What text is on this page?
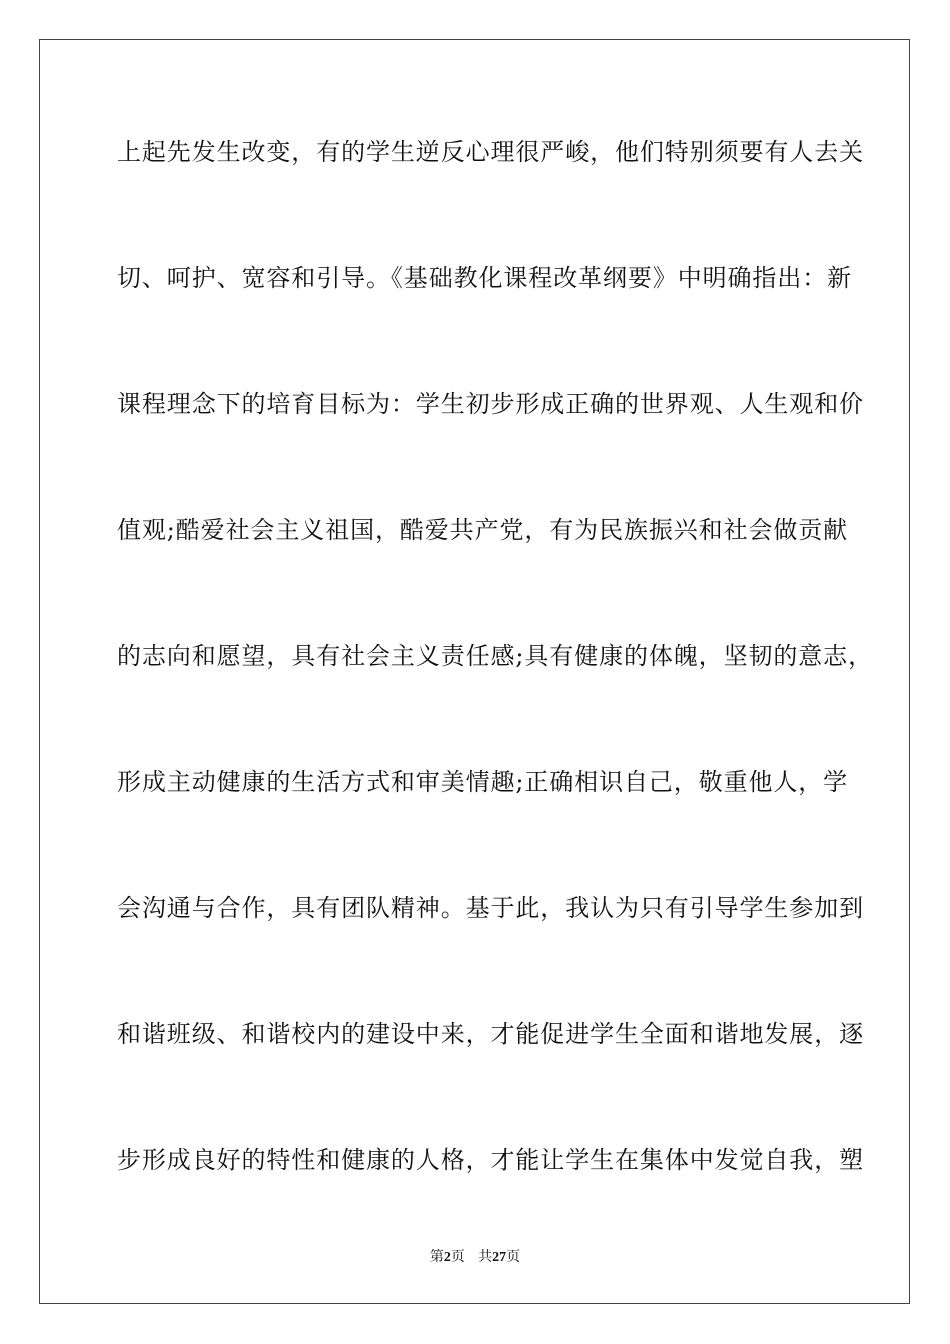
上起先发生改变，有的学生逆反心理很严峻，他们特别须要有人去关
切、呵护、宽容和引导。《基础教化课程改革纲要》中明确指出：新
课程理念下的培育目标为：学生初步形成正确的世界观、人生观和价
值观;酷爱社会主义祖国，酷爱共产党，有为民族振兴和社会做贡献
的志向和愿望，具有社会主义责任感;具有健康的体魄，坚韧的意志，
形成主动健康的生活方式和审美情趣;正确相识自己，敬重他人，学
会沟通与合作，具有团队精神。基于此，我认为只有引导学生参加到
和谐班级、和谐校内的建设中来，才能促进学生全面和谐地发展，逐
步形成良好的特性和健康的人格，才能让学生在集体中发觉自我，塑
第2页 共27页
